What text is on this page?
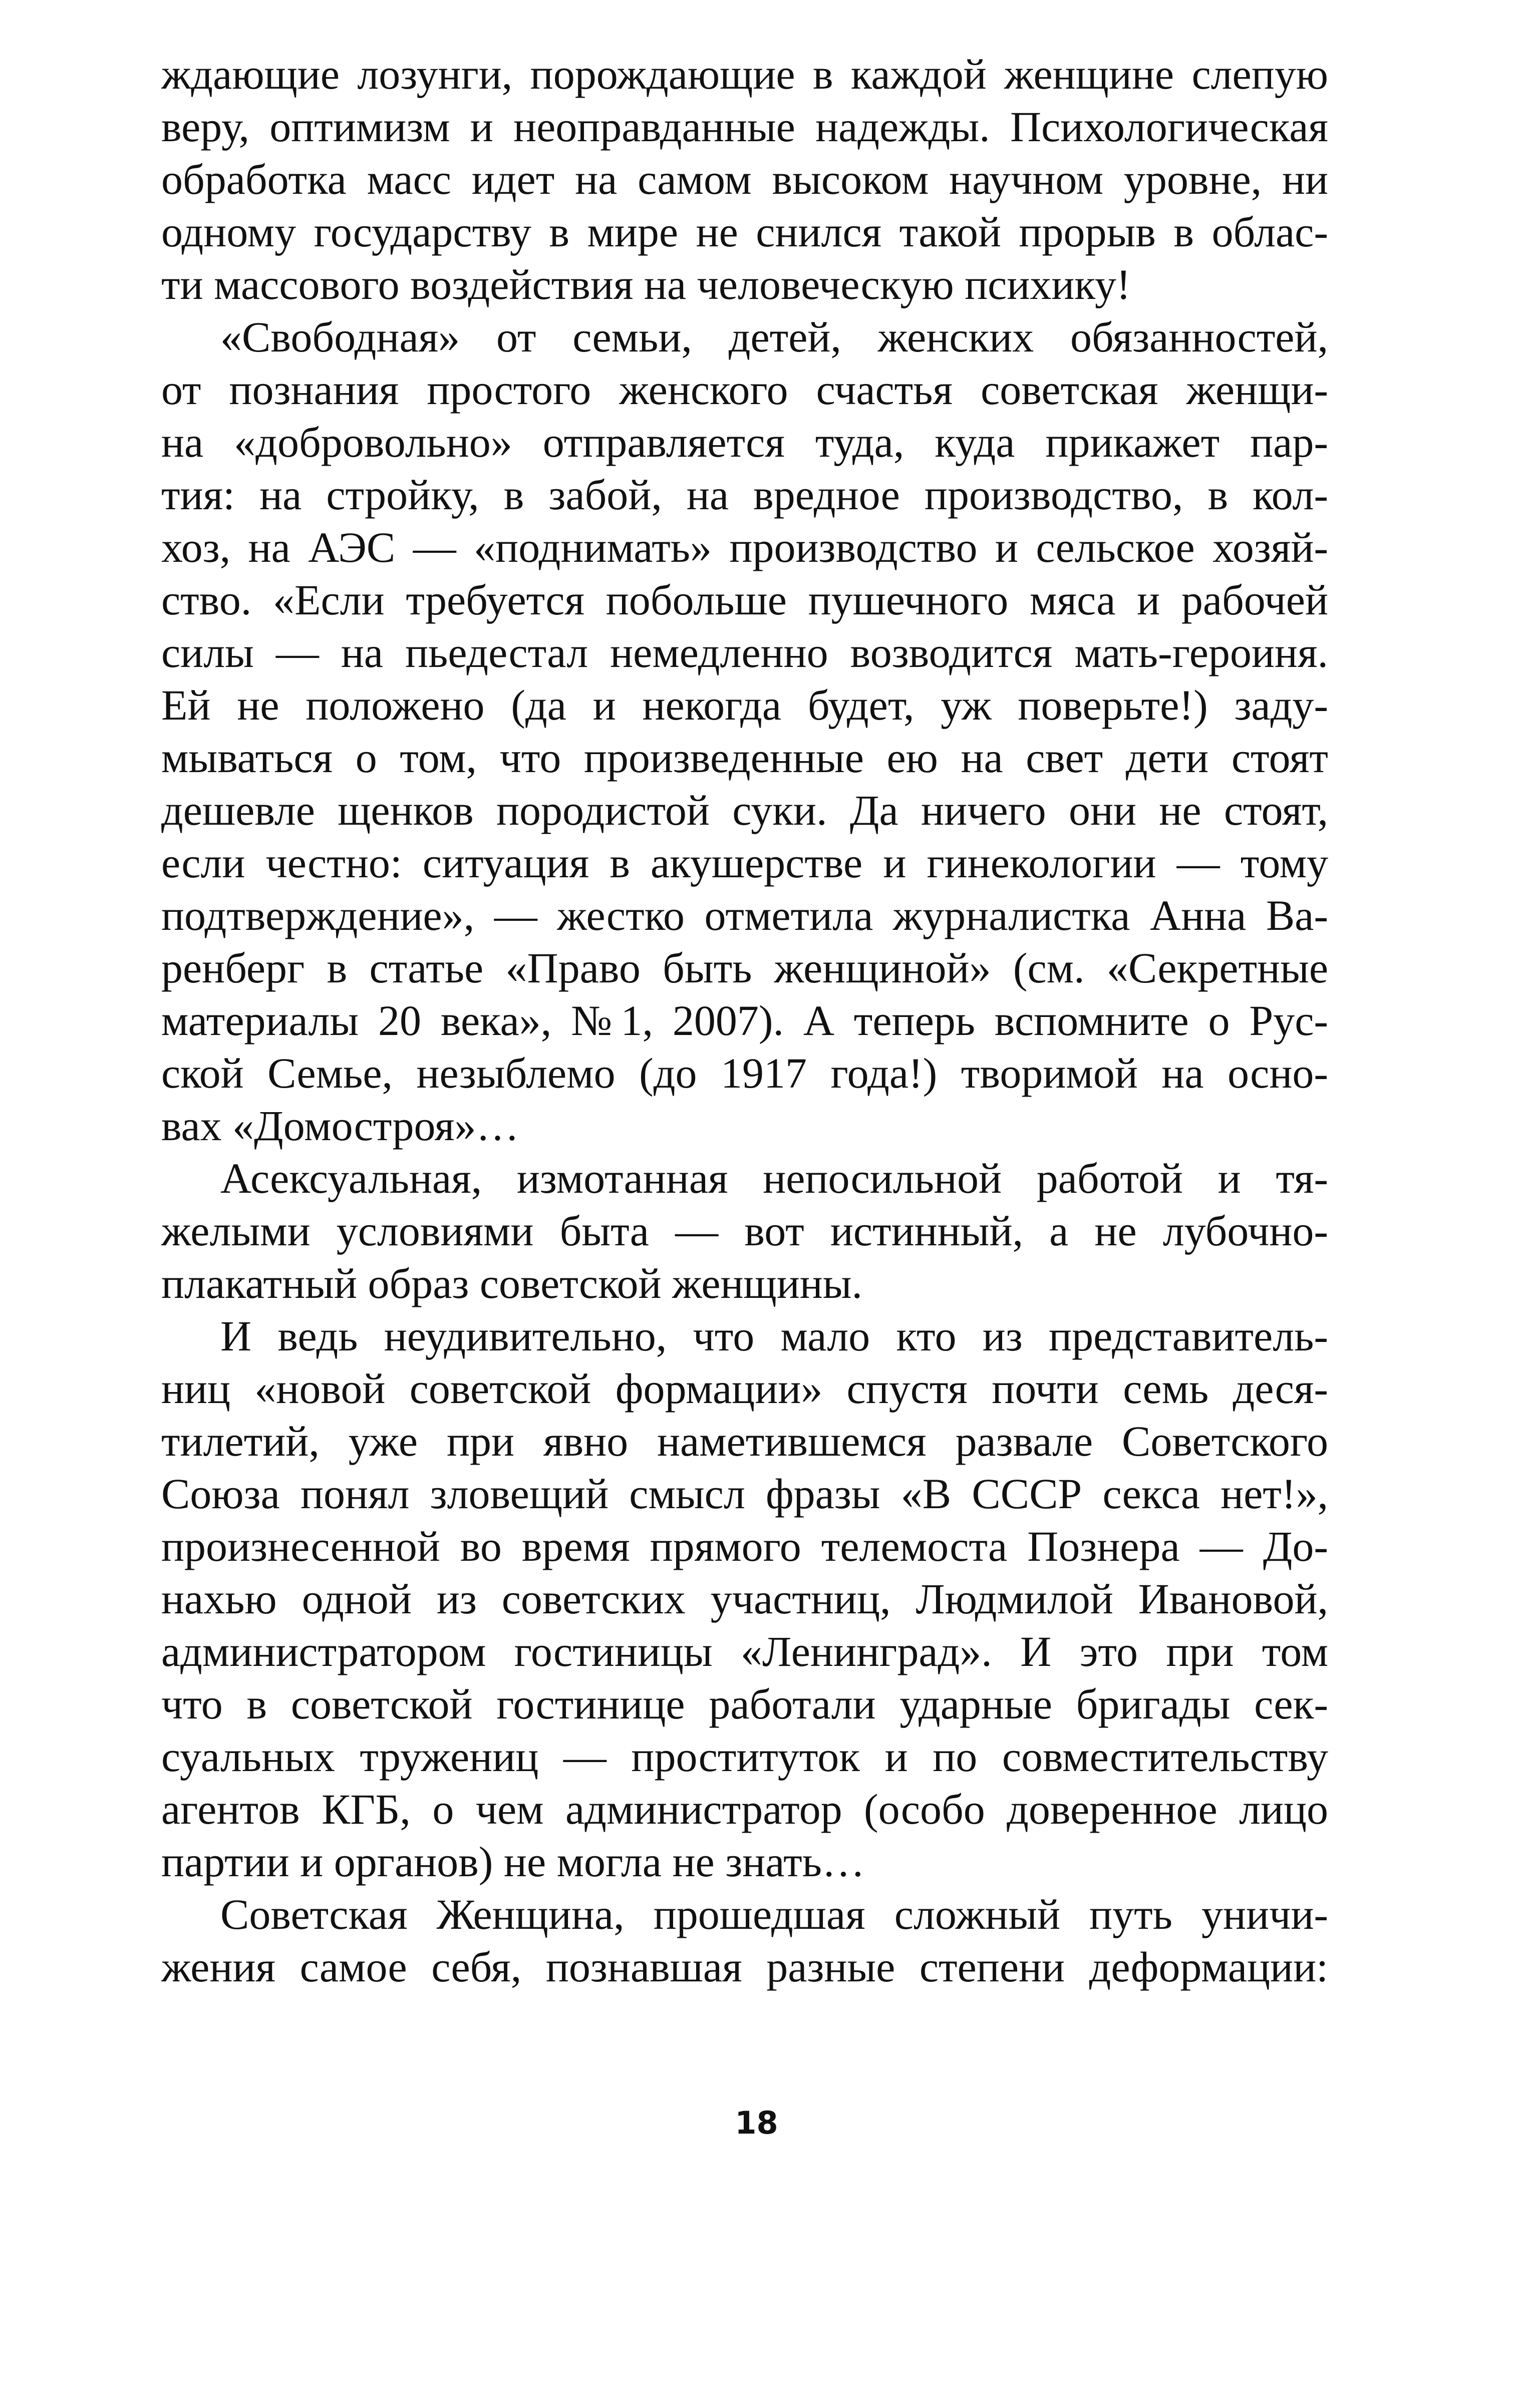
ждающие лозунги, порождающие в каждой женщине слепую
веру, оптимизм и неоправданные надежды. Психологическая
обработка масс идет на самом высоком научном уровне, ни
одному государству в мире не снился такой прорыв в облас-
ти массового воздействия на человеческую психику!
«Свободная» от семьи, детей, женских обязанностей,
от познания простого женского счастья советская женщи-
на «добровольно» отправляется туда, куда прикажет пар-
тия: на стройку, в забой, на вредное производство, в кол-
хоз, на АЭС — «поднимать» производство и сельское хозяй-
ство. «Если требуется побольше пушечного мяса и рабочей
силы — на пьедестал немедленно возводится мать-героиня.
Ей не положено (да и некогда будет, уж поверьте!) заду-
мываться о том, что произведенные ею на свет дети стоят
дешевле щенков породистой суки. Да ничего они не стоят,
если честно: ситуация в акушерстве и гинекологии — тому
подтверждение», — жестко отметила журналистка Анна Ва-
ренберг в статье «Право быть женщиной» (см. «Секретные
материалы 20 века», №1, 2007). А теперь вспомните о Рус-
ской Семье, незыблемо (до 1917 года!) творимой на осно-
вах «Домостроя»…
Асексуальная, измотанная непосильной работой и тя-
желыми условиями быта — вот истинный, а не лубочно-
плакатный образ советской женщины.
И ведь неудивительно, что мало кто из представитель-
ниц «новой советской формации» спустя почти семь деся-
тилетий, уже при явно наметившемся развале Советского
Союза понял зловещий смысл фразы «В СССР секса нет!»,
произнесенной во время прямого телемоста Познера — До-
нахью одной из советских участниц, Людмилой Ивановой,
администратором гостиницы «Ленинград». И это при том
что в советской гостинице работали ударные бригады сек-
суальных тружениц — проституток и по совместительству
агентов КГБ, о чем администратор (особо доверенное лицо
партии и органов) не могла не знать…
Советская Женщина, прошедшая сложный путь уничи-
жения самое себя, познавшая разные степени деформации:
18
